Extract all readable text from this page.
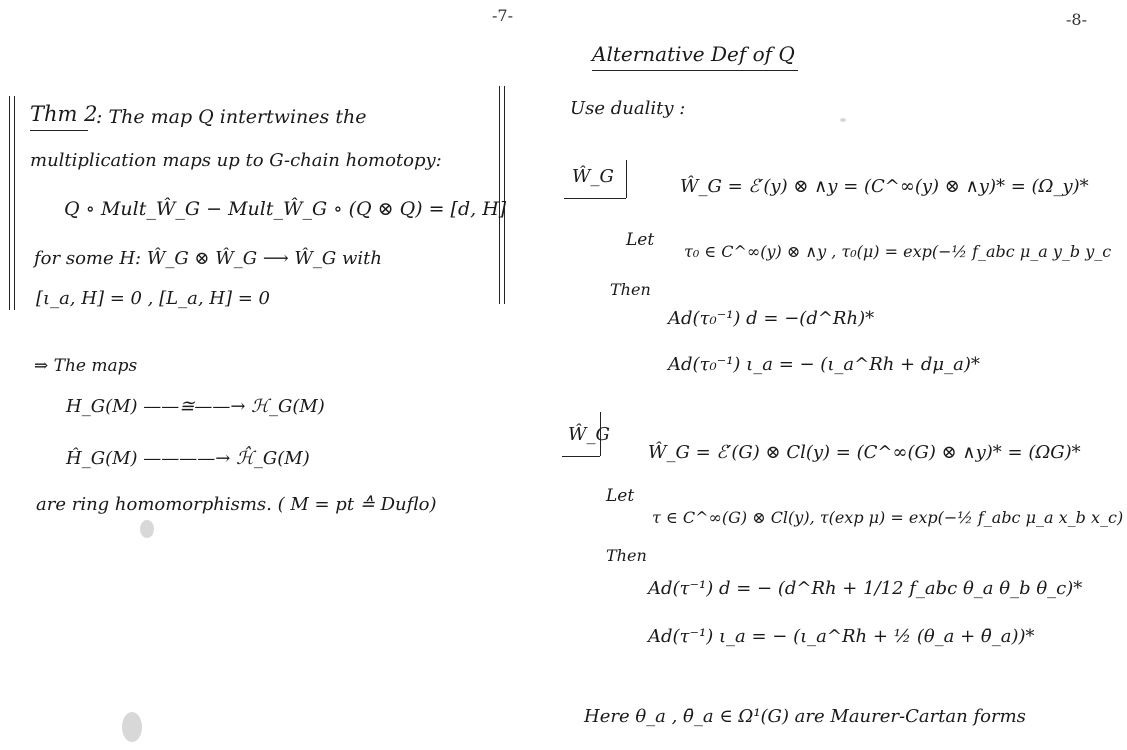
-7-
Thm 2
: The map Q intertwines the
multiplication maps up to G-chain homotopy:
Q ∘ Mult_Ŵ_G − Mult_Ŵ_G ∘ (Q ⊗ Q) = [d, H]
for some H: Ŵ_G ⊗ Ŵ_G ⟶ Ŵ_G with
[ι_a, H] = 0 , [L_a, H] = 0
⇒ The maps
H_G(M) ——≅——→ ℋ_G(M)
Ĥ_G(M) ————→ ℋ̂_G(M)
are ring homomorphisms. ( M = pt ≙ Duflo)
-8-
Alternative Def of Q
Use duality :
Ŵ_G	Ŵ_G = ℰ′(y) ⊗ ∧y = (C^∞(y) ⊗ ∧y)* = (Ω_y)*
Let
τ₀ ∈ C^∞(y) ⊗ ∧y , τ₀(μ) = exp(−½ f_abc μ_a y_b y_c
Then
Ad(τ₀⁻¹) d = −(d^Rh)*
Ad(τ₀⁻¹) ι_a = − (ι_a^Rh + dμ_a)*
Ŵ_G
Ŵ_G = ℰ′(G) ⊗ Cl(y) = (C^∞(G) ⊗ ∧y)* = (ΩG)*
Let
τ ∈ C^∞(G) ⊗ Cl(y), τ(exp μ) = exp(−½ f_abc μ_a x_b x_c)
Then
Ad(τ⁻¹) d = − (d^Rh + 1/12 f_abc θ_a θ_b θ_c)*
Ad(τ⁻¹) ι_a = − (ι_a^Rh + ½ (θ_a + θ̄_a))*
Here θ_a , θ̄_a ∈ Ω¹(G) are Maurer-Cartan forms
